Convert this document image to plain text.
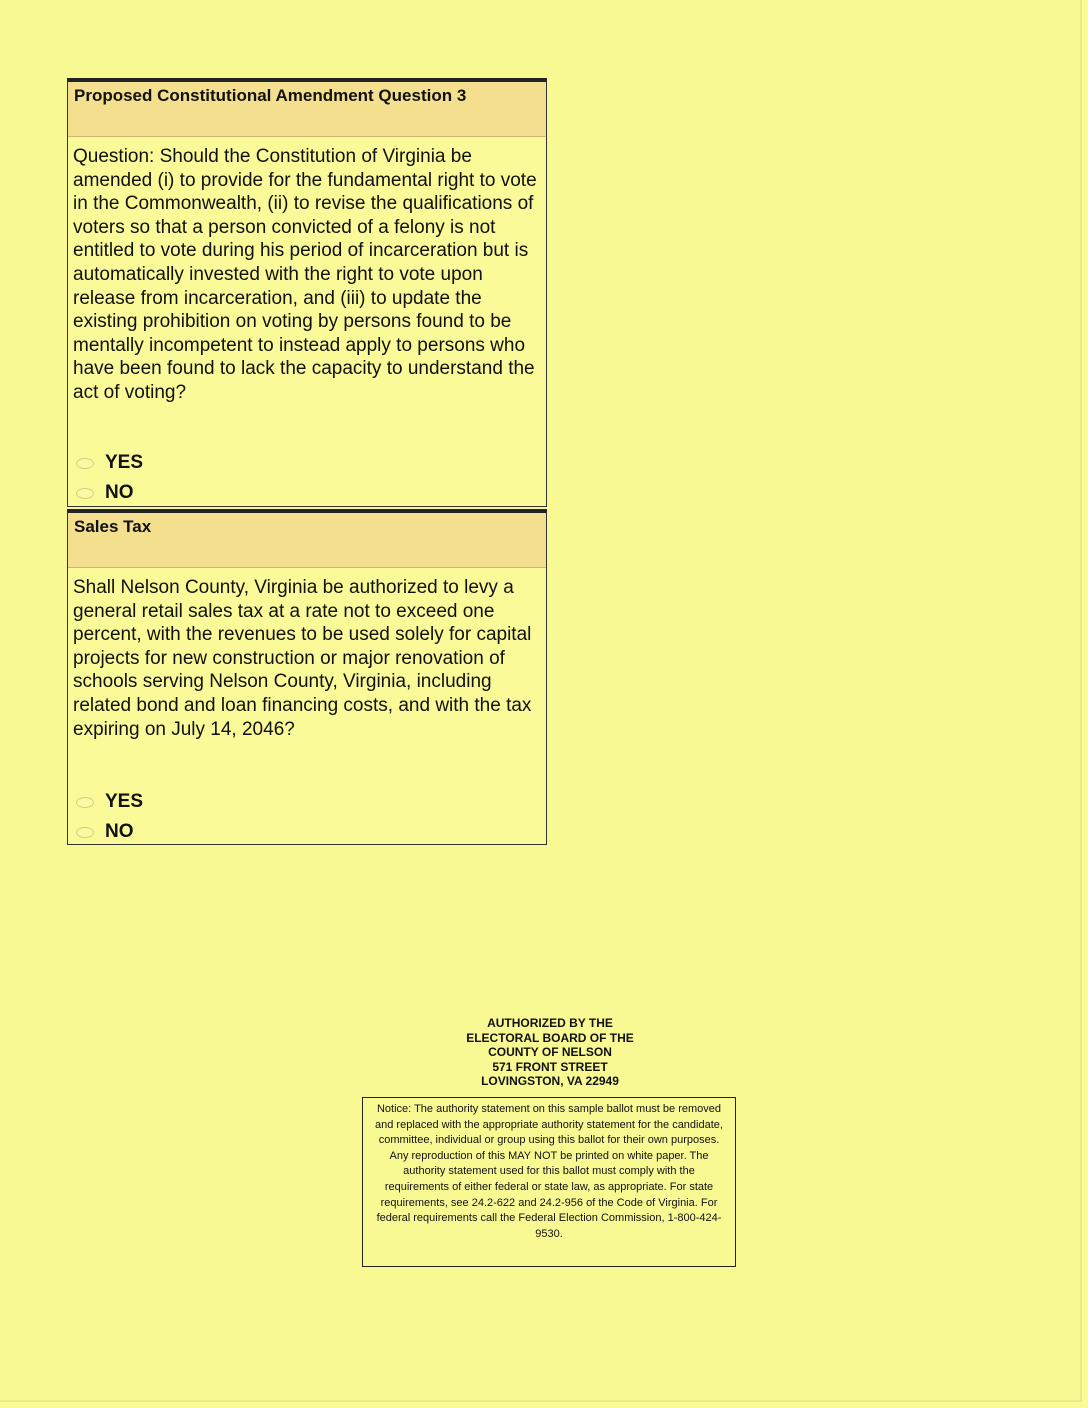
Proposed Constitutional Amendment Question 3
Question: Should the Constitution of Virginia be amended (i) to provide for the fundamental right to vote in the Commonwealth, (ii) to revise the qualifications of voters so that a person convicted of a felony is not entitled to vote during his period of incarceration but is automatically invested with the right to vote upon release from incarceration, and (iii) to update the existing prohibition on voting by persons found to be mentally incompetent to instead apply to persons who have been found to lack the capacity to understand the act of voting?
YES
NO
Sales Tax
Shall Nelson County, Virginia be authorized to levy a general retail sales tax at a rate not to exceed one percent, with the revenues to be used solely for capital projects for new construction or major renovation of schools serving Nelson County, Virginia, including related bond and loan financing costs, and with the tax expiring on July 14, 2046?
YES
NO
AUTHORIZED BY THE
ELECTORAL BOARD OF THE
COUNTY OF NELSON
571 FRONT STREET
LOVINGSTON, VA 22949
Notice: The authority statement on this sample ballot must be removed and replaced with the appropriate authority statement for the candidate, committee, individual or group using this ballot for their own purposes. Any reproduction of this MAY NOT be printed on white paper. The authority statement used for this ballot must comply with the requirements of either federal or state law, as appropriate. For state requirements, see 24.2-622 and 24.2-956 of the Code of Virginia. For federal requirements call the Federal Election Commission, 1-800-424-9530.
